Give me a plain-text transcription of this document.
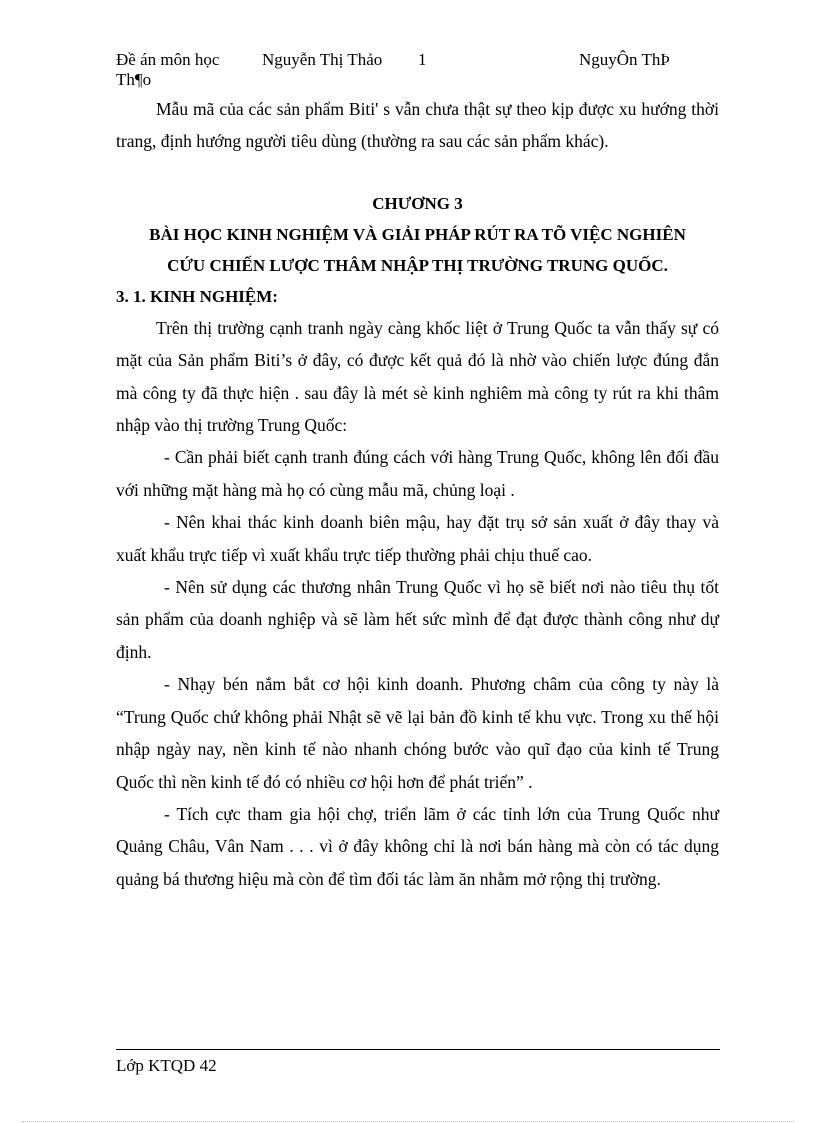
Đề án môn học	Nguyễn Thị Thảo 1	NguyÔn ThÞ
Th¶o

Mẫu mã của các sản phẩm Biti' s vẫn chưa thật sự theo kịp được xu hướng thời trang, định hướng người tiêu dùng (thường ra sau các sản phẩm khác).

CHƯƠNG 3
BÀI HỌC KINH NGHIỆM VÀ GIẢI PHÁP RÚT RA TÕ VIỆC NGHIÊN
CỨU CHIẾN LƯỢC THÂM NHẬP THỊ TRƯỜNG TRUNG QUỐC.

3. 1. KINH NGHIỆM:

Trên thị trường cạnh tranh ngày càng khốc liệt ở Trung Quốc ta vẫn thấy sự có mặt của Sản phẩm Biti’s ở đây, có được kết quả đó là nhờ vào chiến lược đúng đắn mà công ty đã thực hiện . sau đây là mét sè kinh nghiêm mà công ty rút ra khi thâm nhập vào thị trường Trung Quốc:

- Cần phải biết cạnh tranh đúng cách với hàng Trung Quốc, không lên đối đầu với những mặt hàng mà họ có cùng mẫu mã, chủng loại .

- Nên khai thác kinh doanh biên mậu, hay đặt trụ sở sản xuất ở đây thay và xuất khẩu trực tiếp vì xuất khẩu trực tiếp thường phải chịu thuế cao.

- Nên sử dụng các thương nhân Trung Quốc vì họ sẽ biết nơi nào tiêu thụ tốt sản phẩm của doanh nghiệp và sẽ làm hết sức mình để đạt được thành công như dự định.

- Nhạy bén nắm bắt cơ hội kinh doanh. Phương châm của công ty này là “Trung Quốc chứ không phải Nhật sẽ vẽ lại bản đồ kinh tế khu vực. Trong xu thế hội nhập ngày nay, nền kinh tế nào nhanh chóng bước vào quĩ đạo của kinh tế Trung Quốc thì nền kinh tế đó có nhiều cơ hội hơn để phát triển” .

- Tích cực tham gia hội chợ, triển lãm ở các tỉnh lớn của Trung Quốc như Quảng Châu, Vân Nam . . . vì ở đây không chỉ là nơi bán hàng mà còn có tác dụng quảng bá thương hiệu mà còn để tìm đối tác làm ăn nhằm mở rộng thị trường.

Lớp KTQD 42
